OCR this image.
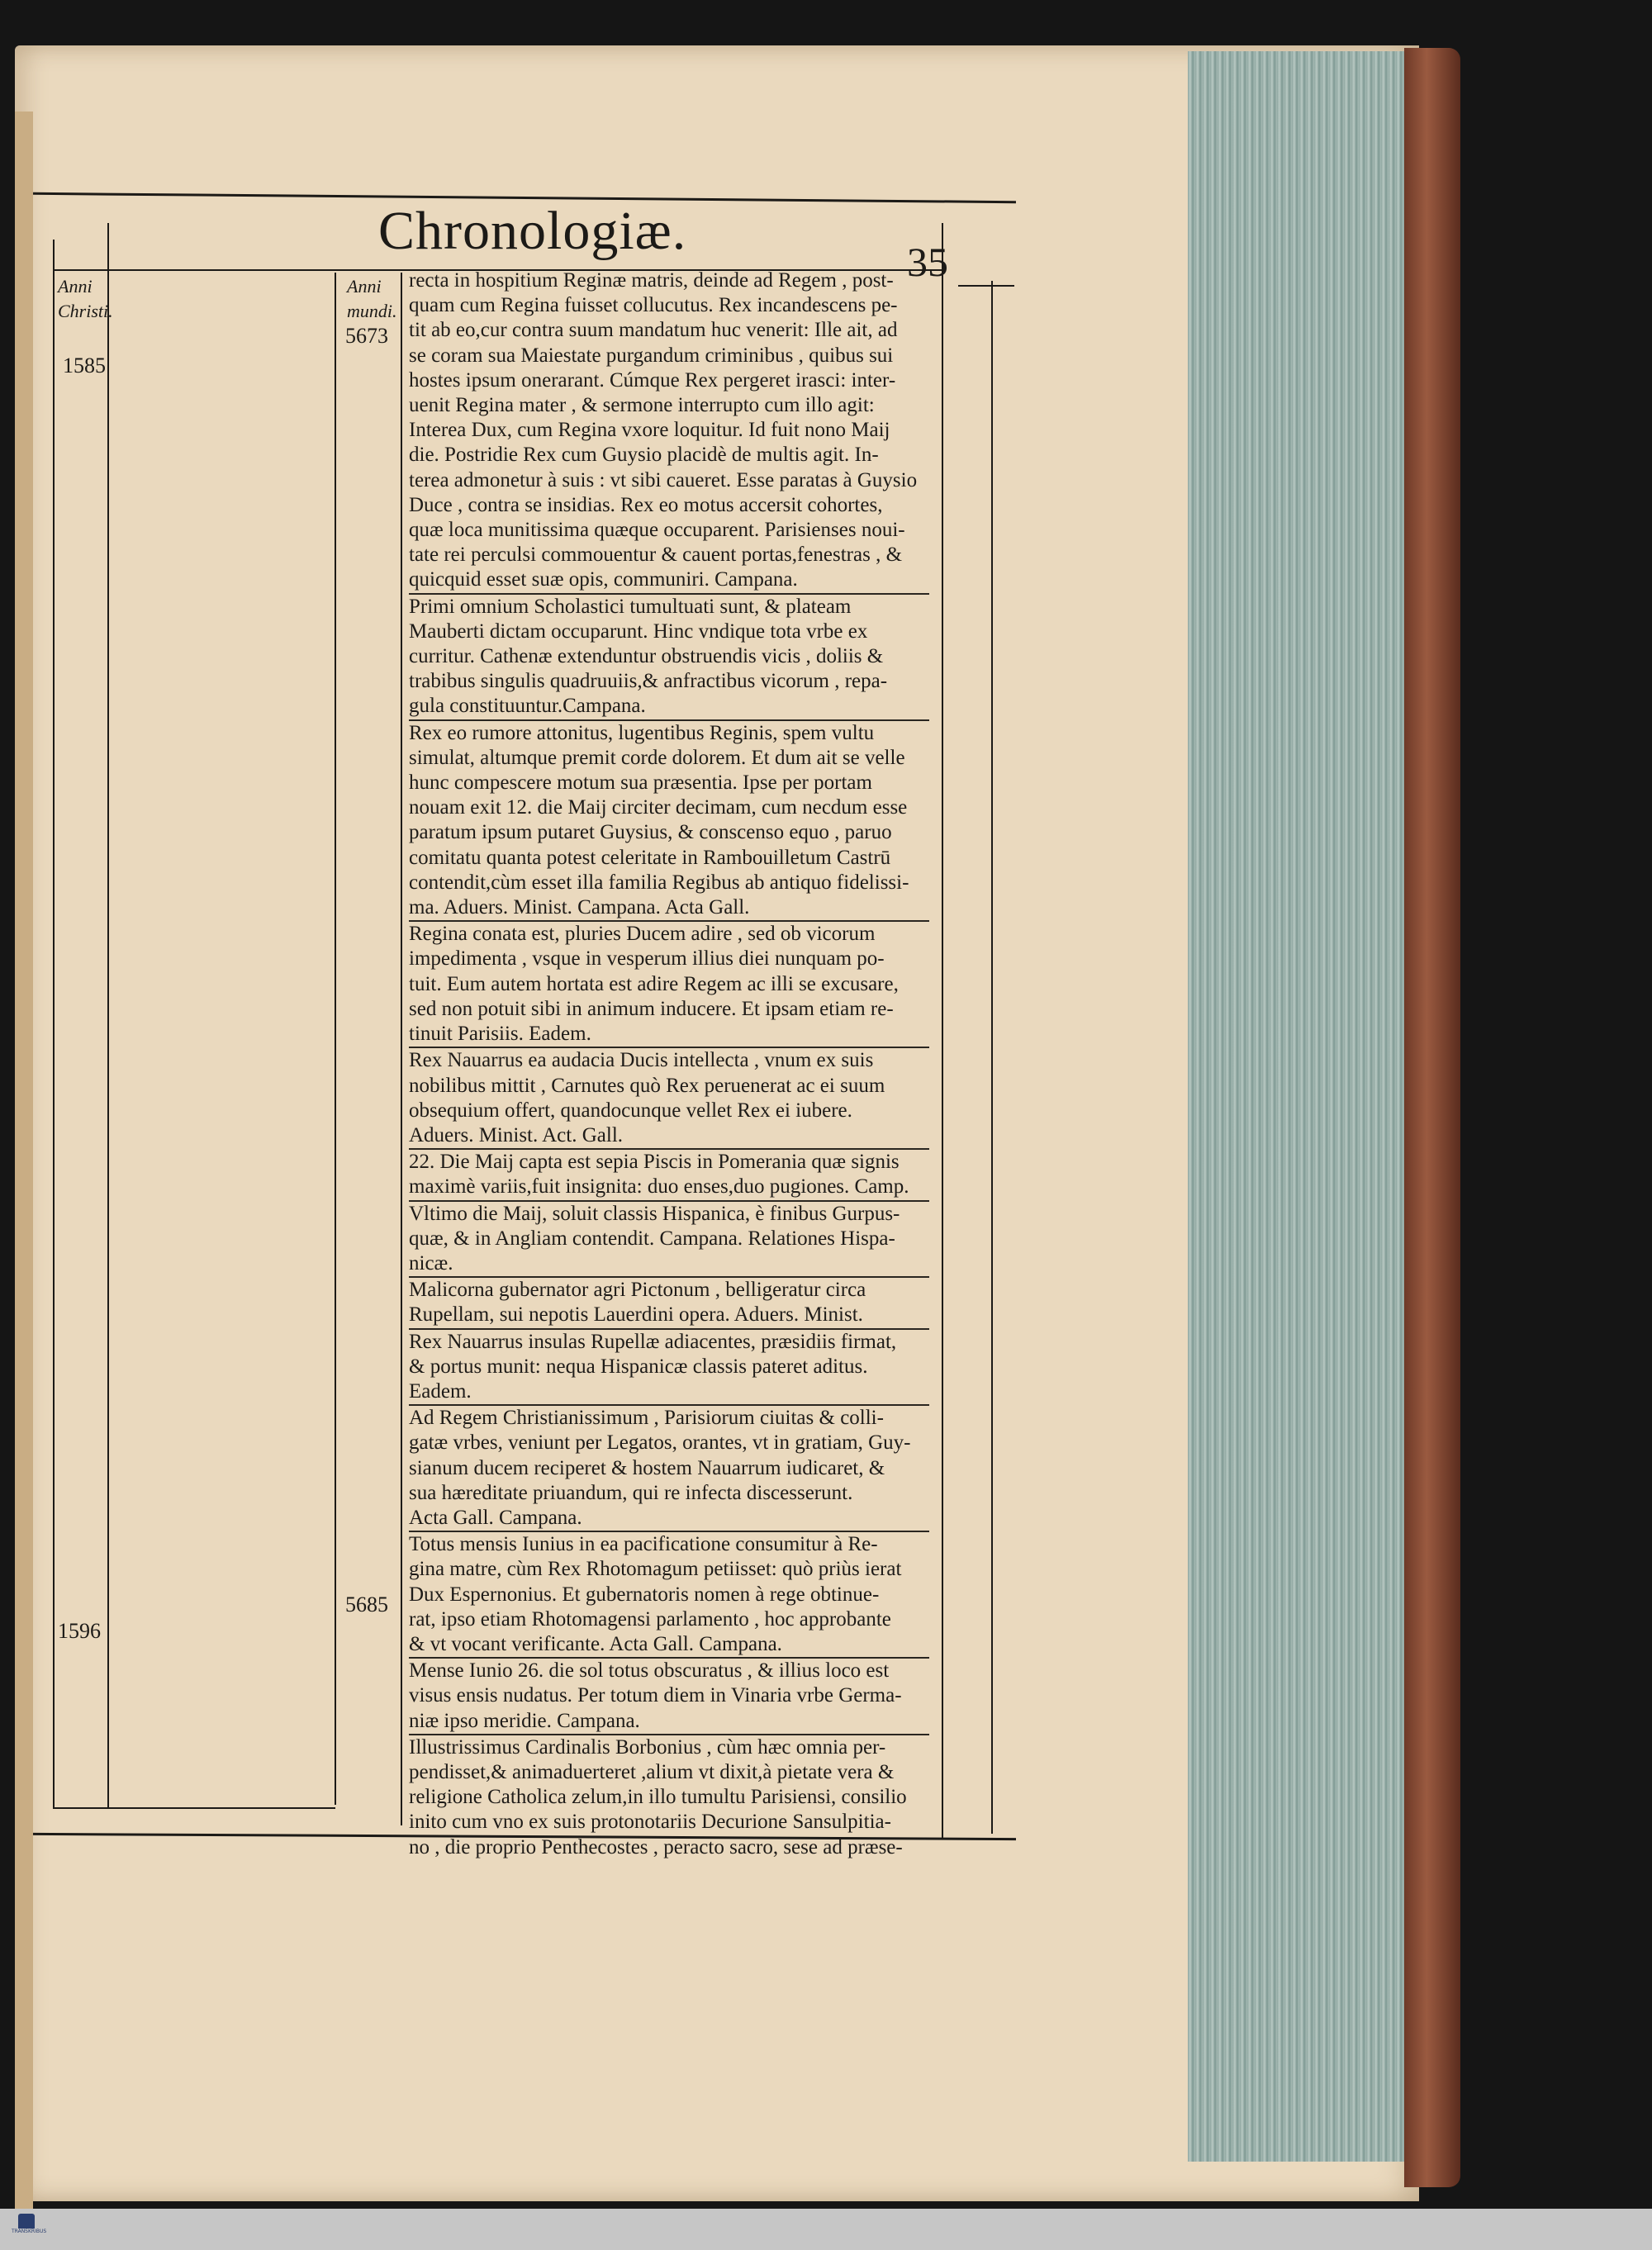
Chronologiæ.
35
Anni
Christi.
Anni
mundi.
1585
1596
5673
5685
recta in hospitium Reginæ matris, deinde ad Regem , post-
quam cum Regina fuisset collucutus. Rex incandescens pe-
tit ab eo,cur contra suum mandatum huc venerit: Ille ait, ad
se coram sua Maiestate purgandum criminibus , quibus sui
hostes ipsum onerarant. Cúmque Rex pergeret irasci: inter-
uenit Regina mater , & sermone interrupto cum illo agit:
Interea Dux, cum Regina vxore loquitur. Id fuit nono Maij
die. Postridie Rex cum Guysio placidè de multis agit. In-
terea admonetur à suis : vt sibi caueret. Esse paratas à Guysio
Duce , contra se insidias. Rex eo motus accersit cohortes,
quæ loca munitissima quæque occuparent. Parisienses noui-
tate rei perculsi commouentur & cauent portas,fenestras , &
quicquid esset suæ opis, communiri. Campana.
Primi omnium Scholastici tumultuati sunt, & plateam
Mauberti dictam occuparunt. Hinc vndique tota vrbe ex
curritur. Cathenæ extenduntur obstruendis vicis , doliis &
trabibus singulis quadruuiis,& anfractibus vicorum , repa-
gula constituuntur.Campana.
Rex eo rumore attonitus, lugentibus Reginis, spem vultu
simulat, altumque premit corde dolorem. Et dum ait se velle
hunc compescere motum sua præsentia. Ipse per portam
nouam exit 12. die Maij circiter decimam, cum necdum esse
paratum ipsum putaret Guysius, & conscenso equo , paruo
comitatu quanta potest celeritate in Rambouilletum Castrū
contendit,cùm esset illa familia Regibus ab antiquo fidelissi-
ma. Aduers. Minist. Campana. Acta Gall.
Regina conata est, pluries Ducem adire , sed ob vicorum
impedimenta , vsque in vesperum illius diei nunquam po-
tuit. Eum autem hortata est adire Regem ac illi se excusare,
sed non potuit sibi in animum inducere. Et ipsam etiam re-
tinuit Parisiis. Eadem.
Rex Nauarrus ea audacia Ducis intellecta , vnum ex suis
nobilibus mittit , Carnutes quò Rex peruenerat ac ei suum
obsequium offert, quandocunque vellet Rex ei iubere.
Aduers. Minist. Act. Gall.
22. Die Maij capta est sepia Piscis in Pomerania quæ signis
maximè variis,fuit insignita: duo enses,duo pugiones. Camp.
Vltimo die Maij, soluit classis Hispanica, è finibus Gurpus-
quæ, & in Angliam contendit. Campana. Relationes Hispa-
nicæ.
Malicorna gubernator agri Pictonum , belligeratur circa
Rupellam, sui nepotis Lauerdini opera. Aduers. Minist.
Rex Nauarrus insulas Rupellæ adiacentes, præsidiis firmat,
& portus munit: nequa Hispanicæ classis pateret aditus.
Eadem.
Ad Regem Christianissimum , Parisiorum ciuitas & colli-
gatæ vrbes, veniunt per Legatos, orantes, vt in gratiam, Guy-
sianum ducem reciperet & hostem Nauarrum iudicaret, &
sua hæreditate priuandum, qui re infecta discesserunt.
Acta Gall. Campana.
Totus mensis Iunius in ea pacificatione consumitur à Re-
gina matre, cùm Rex Rhotomagum petiisset: quò priùs ierat
Dux Espernonius. Et gubernatoris nomen à rege obtinue-
rat, ipso etiam Rhotomagensi parlamento , hoc approbante
& vt vocant verificante. Acta Gall. Campana.
Mense Iunio 26. die sol totus obscuratus , & illius loco est
visus ensis nudatus. Per totum diem in Vinaria vrbe Germa-
niæ ipso meridie. Campana.
Illustrissimus Cardinalis Borbonius , cùm hæc omnia per-
pendisset,& animaduerteret ,alium vt dixit,à pietate vera &
religione Catholica zelum,in illo tumultu Parisiensi, consilio
inito cum vno ex suis protonotariis Decurione Sansulpitia-
no , die proprio Penthecostes , peracto sacro, sese ad præse-
TRANSKRIBUS
